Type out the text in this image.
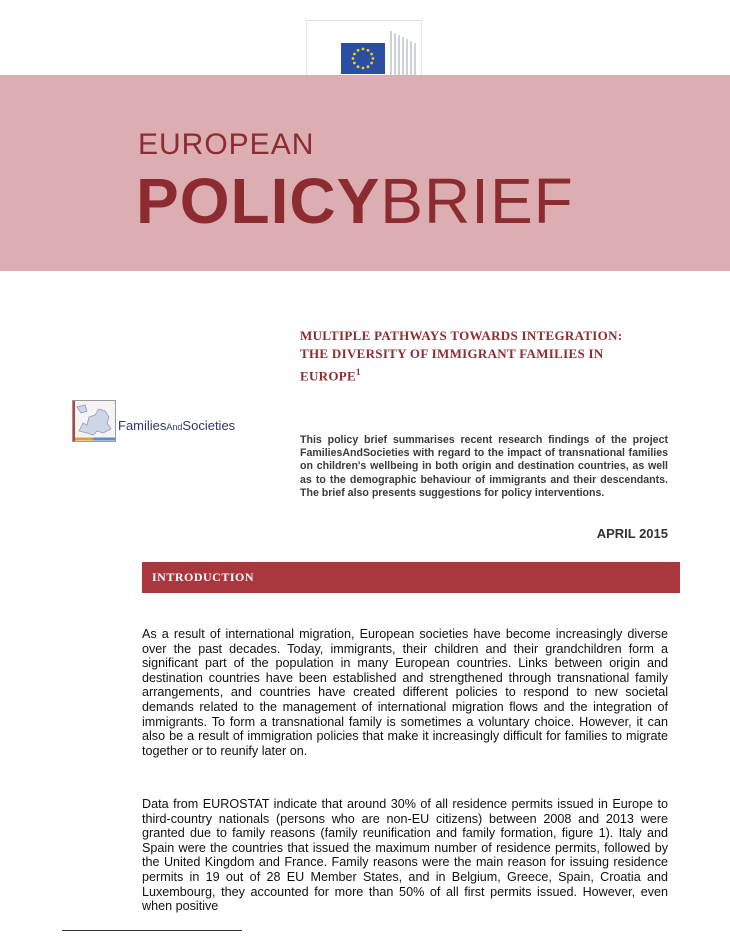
EUROPEAN
POLICYBRIEF
MULTIPLE PATHWAYS TOWARDS INTEGRATION:
THE DIVERSITY OF IMMIGRANT FAMILIES IN
EUROPE$^1$
FamiliesAndSocieties
This policy brief summarises recent research findings of the project FamiliesAndSocieties with regard to the impact of transnational families on children's wellbeing in both origin and destination countries, as well as to the demographic behaviour of immigrants and their descendants. The brief also presents suggestions for policy interventions.
APRIL 2015
INTRODUCTION
As a result of international migration, European societies have become increasingly diverse over the past decades. Today, immigrants, their children and their grandchildren form a significant part of the population in many European countries. Links between origin and destination countries have been established and strengthened through transnational family arrangements, and countries have created different policies to respond to new societal demands related to the management of international migration flows and the integration of immigrants. To form a transnational family is sometimes a voluntary choice. However, it can also be a result of immigration policies that make it increasingly difficult for families to migrate together or to reunify later on.
Data from EUROSTAT indicate that around 30% of all residence permits issued in Europe to third-country nationals (persons who are non-EU citizens) between 2008 and 2013 were granted due to family reasons (family reunification and family formation, figure 1). Italy and Spain were the countries that issued the maximum number of residence permits, followed by the United Kingdom and France. Family reasons were the main reason for issuing residence permits in 19 out of 28 EU Member States, and in Belgium, Greece, Spain, Croatia and Luxembourg, they accounted for more than 50% of all first permits issued. However, even when positive
